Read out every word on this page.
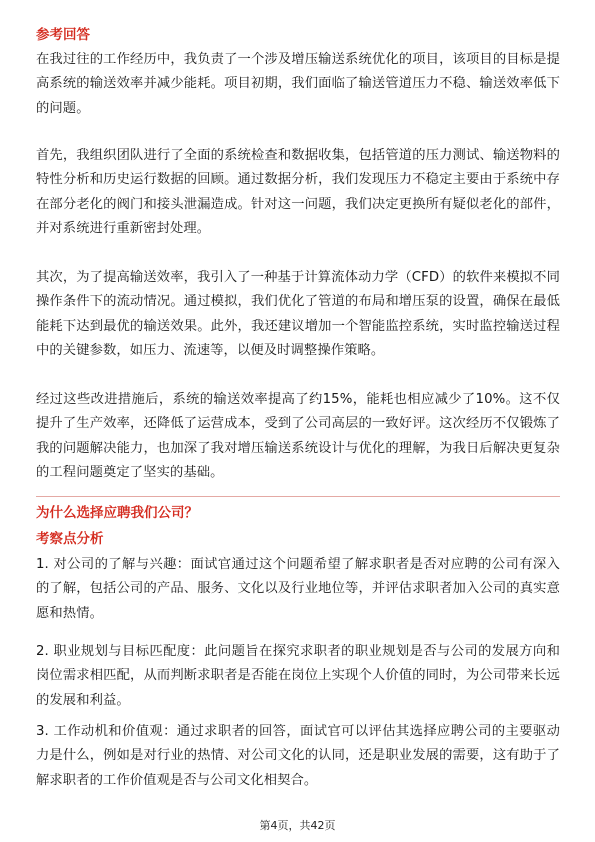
参考回答

在我过往的工作经历中，我负责了一个涉及增压输送系统优化的项目，该项目的目标是提高系统的输送效率并减少能耗。项目初期，我们面临了输送管道压力不稳、输送效率低下的问题。

首先，我组织团队进行了全面的系统检查和数据收集，包括管道的压力测试、输送物料的特性分析和历史运行数据的回顾。通过数据分析，我们发现压力不稳定主要由于系统中存在部分老化的阀门和接头泄漏造成。针对这一问题，我们决定更换所有疑似老化的部件，并对系统进行重新密封处理。

其次，为了提高输送效率，我引入了一种基于计算流体动力学（CFD）的软件来模拟不同操作条件下的流动情况。通过模拟，我们优化了管道的布局和增压泵的设置，确保在最低能耗下达到最优的输送效果。此外，我还建议增加一个智能监控系统，实时监控输送过程中的关键参数，如压力、流速等，以便及时调整操作策略。

经过这些改进措施后，系统的输送效率提高了约15%，能耗也相应减少了10%。这不仅提升了生产效率，还降低了运营成本，受到了公司高层的一致好评。这次经历不仅锻炼了我的问题解决能力，也加深了我对增压输送系统设计与优化的理解，为我日后解决更复杂的工程问题奠定了坚实的基础。

为什么选择应聘我们公司？
考察点分析

1. 对公司的了解与兴趣：面试官通过这个问题希望了解求职者是否对应聘的公司有深入的了解，包括公司的产品、服务、文化以及行业地位等，并评估求职者加入公司的真实意愿和热情。

2. 职业规划与目标匹配度：此问题旨在探究求职者的职业规划是否与公司的发展方向和岗位需求相匹配，从而判断求职者是否能在岗位上实现个人价值的同时，为公司带来长远的发展和利益。

3. 工作动机和价值观：通过求职者的回答，面试官可以评估其选择应聘公司的主要驱动力是什么，例如是对行业的热情、对公司文化的认同，还是职业发展的需要，这有助于了解求职者的工作价值观是否与公司文化相契合。

第4页，共42页
